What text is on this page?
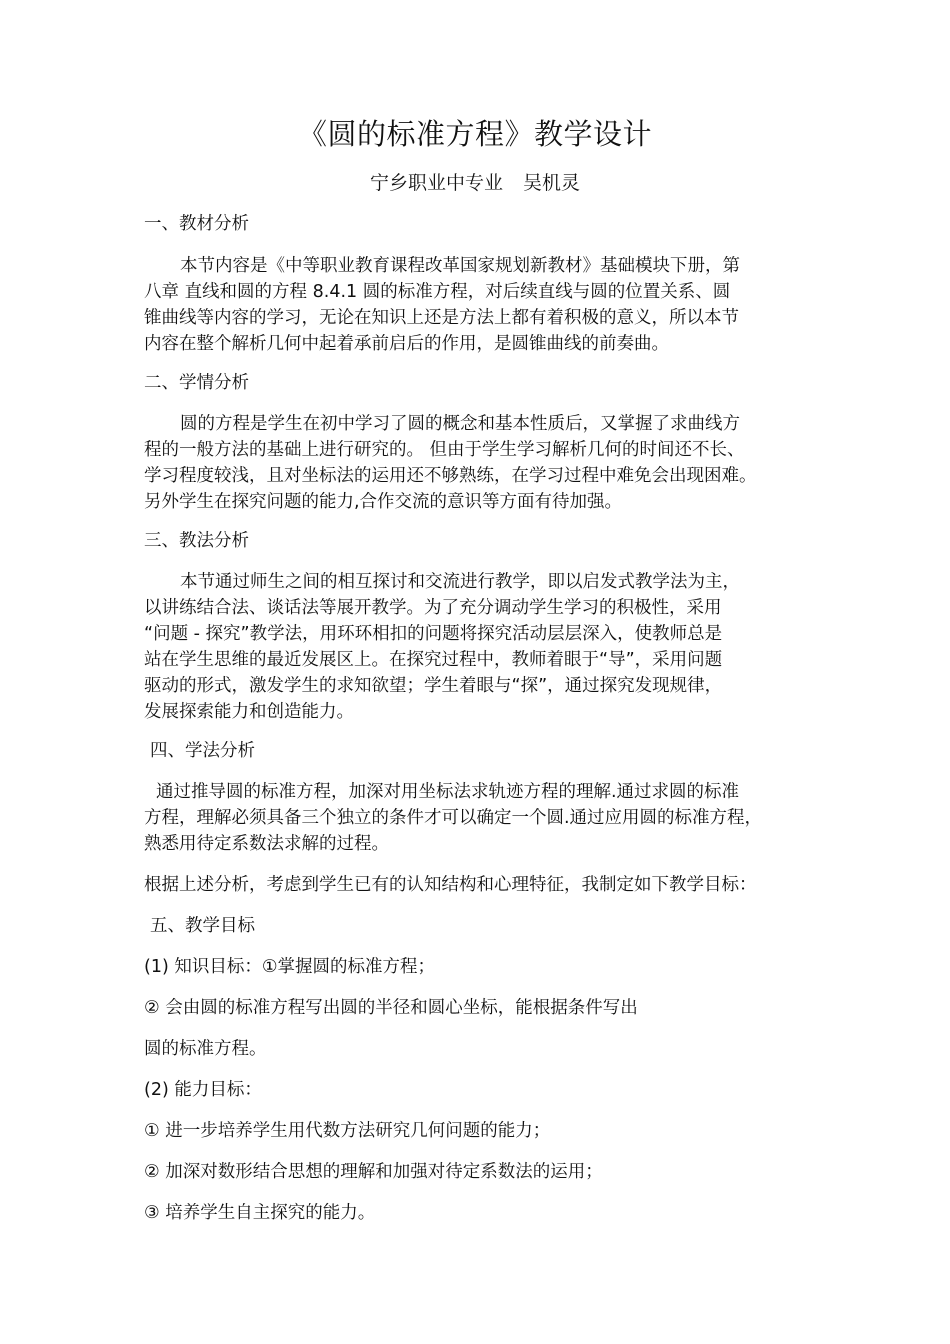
《圆的标准方程》教学设计
宁乡职业中专业 吴机灵
一、教材分析
本节内容是《中等职业教育课程改革国家规划新教材》基础模块下册，第
八章 直线和圆的方程 8.4.1 圆的标准方程，对后续直线与圆的位置关系、圆
锥曲线等内容的学习，无论在知识上还是方法上都有着积极的意义，所以本节
内容在整个解析几何中起着承前启后的作用，是圆锥曲线的前奏曲。
二、学情分析
圆的方程是学生在初中学习了圆的概念和基本性质后，又掌握了求曲线方
程的一般方法的基础上进行研究的。 但由于学生学习解析几何的时间还不长、
学习程度较浅，且对坐标法的运用还不够熟练，在学习过程中难免会出现困难。
另外学生在探究问题的能力,合作交流的意识等方面有待加强。
三、教法分析
本节通过师生之间的相互探讨和交流进行教学，即以启发式教学法为主，
以讲练结合法、谈话法等展开教学。为了充分调动学生学习的积极性，采用
“问题 - 探究”教学法，用环环相扣的问题将探究活动层层深入，使教师总是
站在学生思维的最近发展区上。在探究过程中，教师着眼于“导”，采用问题
驱动的形式，激发学生的求知欲望；学生着眼与“探”，通过探究发现规律，
发展探索能力和创造能力。
四、学法分析
通过推导圆的标准方程，加深对用坐标法求轨迹方程的理解.通过求圆的标准
方程，理解必须具备三个独立的条件才可以确定一个圆.通过应用圆的标准方程，
熟悉用待定系数法求解的过程。
根据上述分析，考虑到学生已有的认知结构和心理特征，我制定如下教学目标：
五、教学目标
(1) 知识目标：①掌握圆的标准方程；
② 会由圆的标准方程写出圆的半径和圆心坐标，能根据条件写出
圆的标准方程。
(2) 能力目标：
① 进一步培养学生用代数方法研究几何问题的能力；
② 加深对数形结合思想的理解和加强对待定系数法的运用；
③ 培养学生自主探究的能力。
